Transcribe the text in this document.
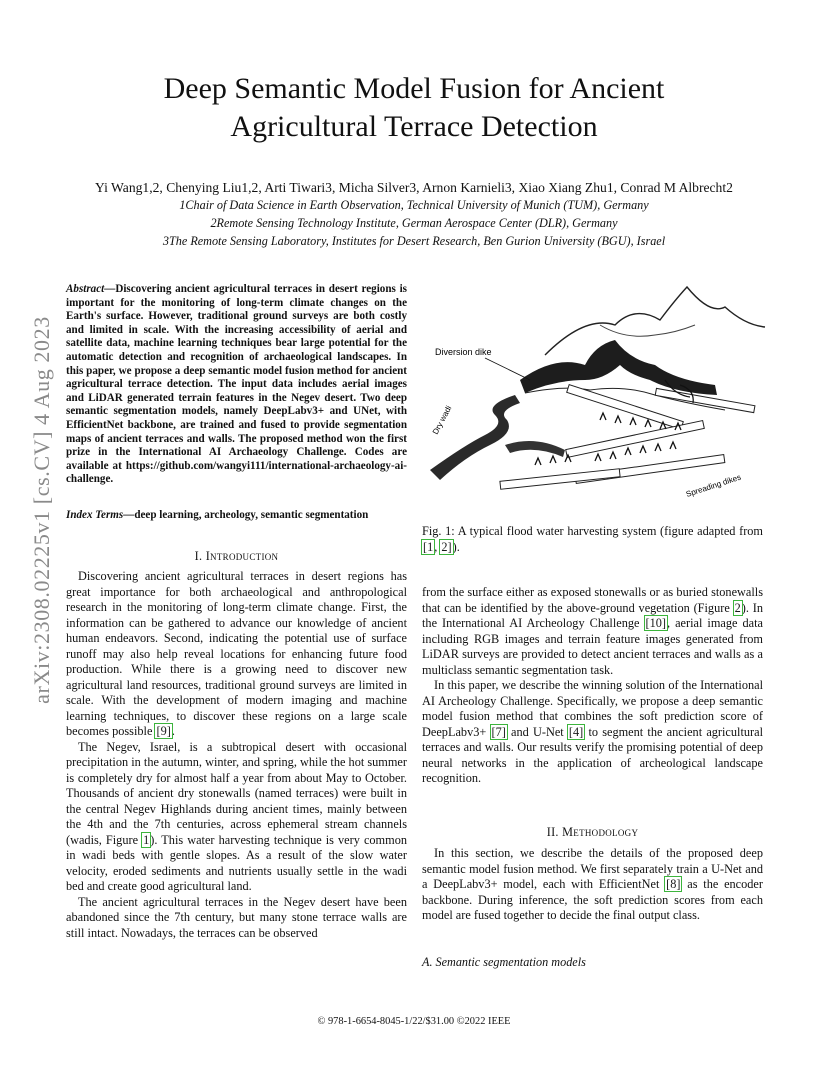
Deep Semantic Model Fusion for Ancient
Agricultural Terrace Detection
Yi Wang1,2, Chenying Liu1,2, Arti Tiwari3, Micha Silver3, Arnon Karnieli3, Xiao Xiang Zhu1, Conrad M Albrecht2
1Chair of Data Science in Earth Observation, Technical University of Munich (TUM), Germany
2Remote Sensing Technology Institute, German Aerospace Center (DLR), Germany
3The Remote Sensing Laboratory, Institutes for Desert Research, Ben Gurion University (BGU), Israel
arXiv:2308.02225v1 [cs.CV] 4 Aug 2023
Abstract—Discovering ancient agricultural terraces in desert regions is important for the monitoring of long-term climate changes on the Earth's surface. However, traditional ground surveys are both costly and limited in scale. With the increasing accessibility of aerial and satellite data, machine learning techniques bear large potential for the automatic detection and recognition of archaeological landscapes. In this paper, we propose a deep semantic model fusion method for ancient agricultural terrace detection. The input data includes aerial images and LiDAR generated terrain features in the Negev desert. Two deep semantic segmentation models, namely DeepLabv3+ and UNet, with EfficientNet backbone, are trained and fused to provide segmentation maps of ancient terraces and walls. The proposed method won the first prize in the International AI Archaeology Challenge. Codes are available at https://github.com/wangyi111/international-archaeology-ai-challenge.
Index Terms—deep learning, archeology, semantic segmentation
I. Introduction

Discovering ancient agricultural terraces in desert regions has great importance for both archaeological and anthropological research in the monitoring of long-term climate change. First, the information can be gathered to advance our knowledge of ancient human endeavors. Second, indicating the potential use of surface runoff may also help reveal locations for enhancing future food production. While there is a growing need to discover new agricultural land resources, traditional ground surveys are limited in scale. With the development of modern imaging and machine learning techniques, to discover these regions on a large scale becomes possible [9].

The Negev, Israel, is a subtropical desert with occasional precipitation in the autumn, winter, and spring, while the hot summer is completely dry for almost half a year from about May to October. Thousands of ancient dry stonewalls (named terraces) were built in the central Negev Highlands during ancient times, mainly between the 4th and the 7th centuries, across ephemeral stream channels (wadis, Figure 1). This water harvesting technique is very common in wadi beds with gentle slopes. As a result of the slow water velocity, eroded sediments and nutrients usually settle in the wadi bed and create good agricultural land.

The ancient agricultural terraces in the Negev desert have been abandoned since the 7th century, but many stone terrace walls are still intact. Nowadays, the terraces can be observed

Diversion dike
Dry wadi
Spreading dikes
Fig. 1: A typical flood water harvesting system (figure adapted from [1, 2]).

from the surface either as exposed stonewalls or as buried stonewalls that can be identified by the above-ground vegetation (Figure 2). In the International AI Archeology Challenge [10], aerial image data including RGB images and terrain feature images generated from LiDAR surveys are provided to detect ancient terraces and walls as a multiclass semantic segmentation task.

In this paper, we describe the winning solution of the International AI Archeology Challenge. Specifically, we propose a deep semantic model fusion method that combines the soft prediction score of DeepLabv3+ [7] and U-Net [4] to segment the ancient agricultural terraces and walls. Our results verify the promising potential of deep neural networks in the application of archeological landscape recognition.

II. Methodology

In this section, we describe the details of the proposed deep semantic model fusion method. We first separately train a U-Net and a DeepLabv3+ model, each with EfficientNet [8] as the encoder backbone. During inference, the soft prediction scores from each model are fused together to decide the final output class.

A. Semantic segmentation models
© 978-1-6654-8045-1/22/$31.00 ©2022 IEEE
